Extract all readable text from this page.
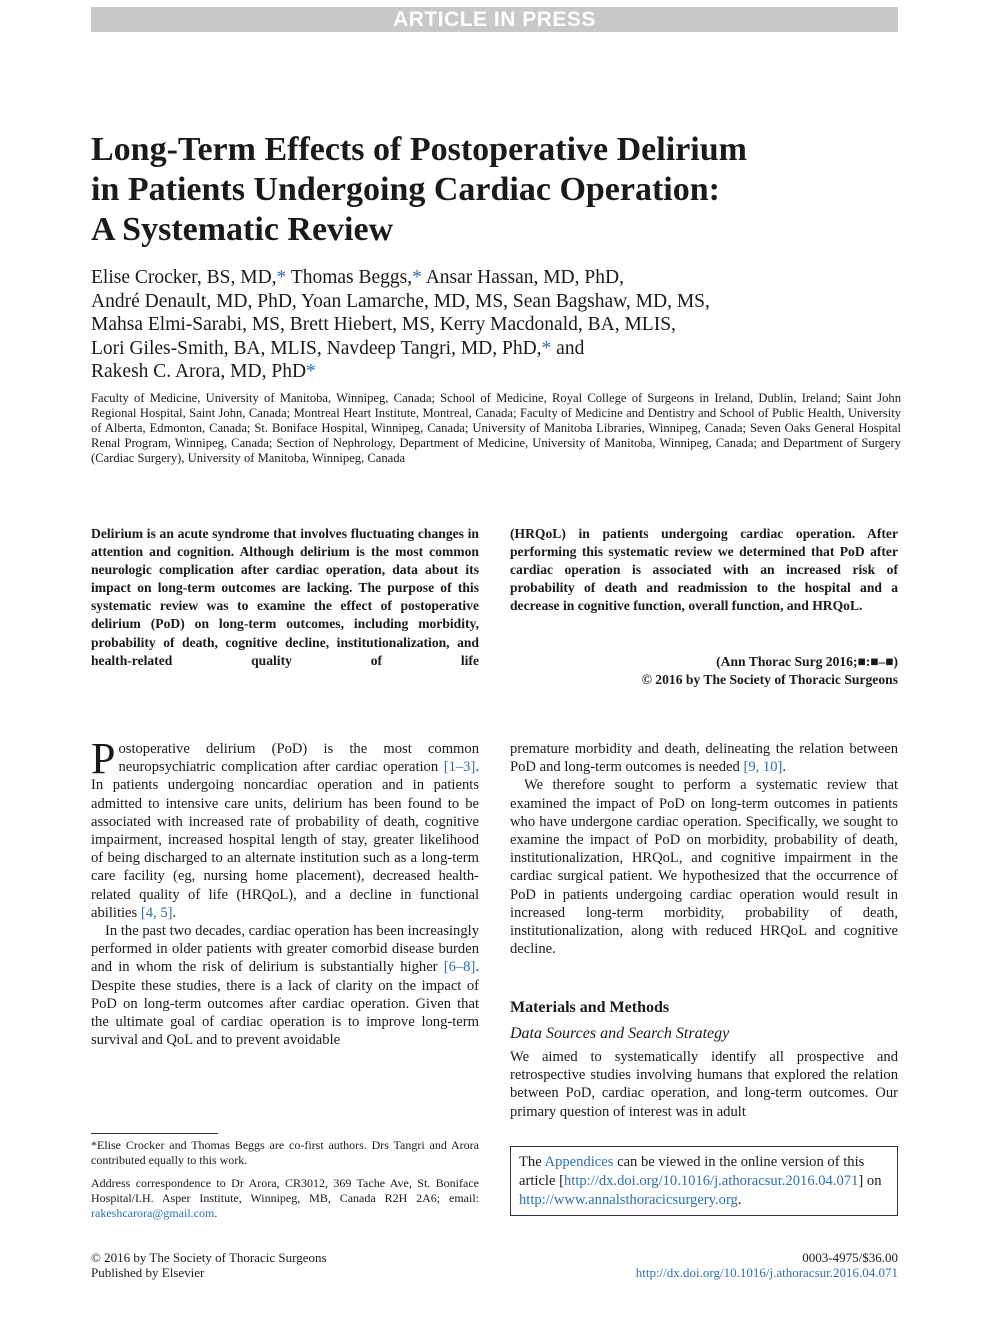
ARTICLE IN PRESS
Long-Term Effects of Postoperative Delirium
in Patients Undergoing Cardiac Operation:
A Systematic Review
Elise Crocker, BS, MD,* Thomas Beggs,* Ansar Hassan, MD, PhD,
André Denault, MD, PhD, Yoan Lamarche, MD, MS, Sean Bagshaw, MD, MS,
Mahsa Elmi-Sarabi, MS, Brett Hiebert, MS, Kerry Macdonald, BA, MLIS,
Lori Giles-Smith, BA, MLIS, Navdeep Tangri, MD, PhD,* and
Rakesh C. Arora, MD, PhD*
Faculty of Medicine, University of Manitoba, Winnipeg, Canada; School of Medicine, Royal College of Surgeons in Ireland, Dublin, Ireland; Saint John Regional Hospital, Saint John, Canada; Montreal Heart Institute, Montreal, Canada; Faculty of Medicine and Dentistry and School of Public Health, University of Alberta, Edmonton, Canada; St. Boniface Hospital, Winnipeg, Canada; University of Manitoba Libraries, Winnipeg, Canada; Seven Oaks General Hospital Renal Program, Winnipeg, Canada; Section of Nephrology, Department of Medicine, University of Manitoba, Winnipeg, Canada; and Department of Surgery (Cardiac Surgery), University of Manitoba, Winnipeg, Canada
Delirium is an acute syndrome that involves fluctuating changes in attention and cognition. Although delirium is the most common neurologic complication after cardiac operation, data about its impact on long-term outcomes are lacking. The purpose of this systematic review was to examine the effect of postoperative delirium (PoD) on long-term outcomes, including morbidity, probability of death, cognitive decline, institutionalization, and health-related quality of life
(HRQoL) in patients undergoing cardiac operation. After performing this systematic review we determined that PoD after cardiac operation is associated with an increased risk of probability of death and readmission to the hospital and a decrease in cognitive function, overall function, and HRQoL.
(Ann Thorac Surg 2016;■:■–■)
© 2016 by The Society of Thoracic Surgeons

Postoperative delirium (PoD) is the most common neuropsychiatric complication after cardiac operation [1–3]. In patients undergoing noncardiac operation and in patients admitted to intensive care units, delirium has been found to be associated with increased rate of probability of death, cognitive impairment, increased hospital length of stay, greater likelihood of being discharged to an alternate institution such as a long-term care facility (eg, nursing home placement), decreased health-related quality of life (HRQoL), and a decline in functional abilities [4, 5].

In the past two decades, cardiac operation has been increasingly performed in older patients with greater comorbid disease burden and in whom the risk of delirium is substantially higher [6–8]. Despite these studies, there is a lack of clarity on the impact of PoD on long-term outcomes after cardiac operation. Given that the ultimate goal of cardiac operation is to improve long-term survival and QoL and to prevent avoidable

premature morbidity and death, delineating the relation between PoD and long-term outcomes is needed [9, 10].

We therefore sought to perform a systematic review that examined the impact of PoD on long-term outcomes in patients who have undergone cardiac operation. Specifically, we sought to examine the impact of PoD on morbidity, probability of death, institutionalization, HRQoL, and cognitive impairment in the cardiac surgical patient. We hypothesized that the occurrence of PoD in patients undergoing cardiac operation would result in increased long-term morbidity, probability of death, institutionalization, along with reduced HRQoL and cognitive decline.

Materials and Methods
Data Sources and Search Strategy

We aimed to systematically identify all prospective and retrospective studies involving humans that explored the relation between PoD, cardiac operation, and long-term outcomes. Our primary question of interest was in adult

*Elise Crocker and Thomas Beggs are co-first authors. Drs Tangri and Arora contributed equally to this work.

Address correspondence to Dr Arora, CR3012, 369 Tache Ave, St. Boniface Hospital/I.H. Asper Institute, Winnipeg, MB, Canada R2H 2A6; email: rakeshcarora@gmail.com.

The Appendices can be viewed in the online version of this article [http://dx.doi.org/10.1016/j.athoracsur.2016.04.071] on http://www.annalsthoracicsurgery.org.
© 2016 by The Society of Thoracic Surgeons
Published by Elsevier
0003-4975/$36.00
http://dx.doi.org/10.1016/j.athoracsur.2016.04.071
